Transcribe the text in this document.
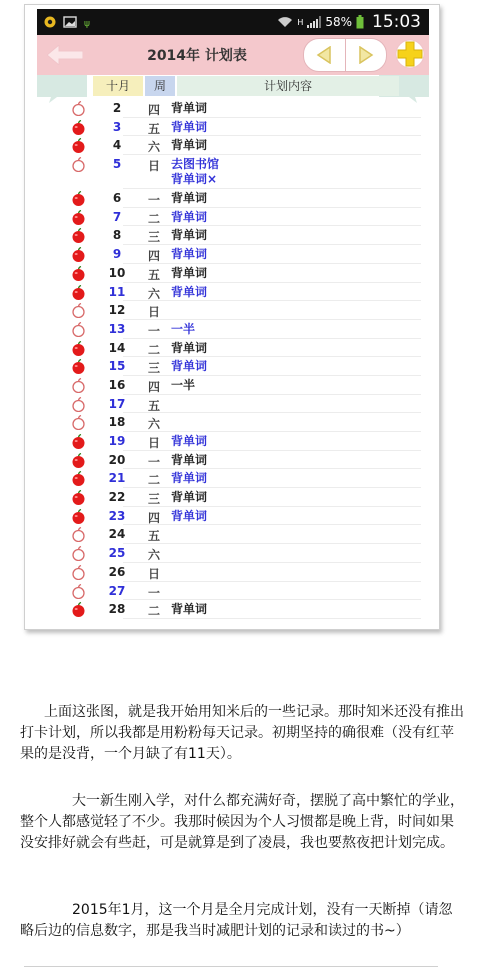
ψ	H 58% 15:03
2014年 计划表
十月	周	计划内容
2	四 背单词
3	五 背单词
4	六 背单词
5	日 去图书馆
背单词×
6	一 背单词
7	二 背单词
8	三 背单词
9	四 背单词
10	五 背单词
11	六 背单词
12	日
13	一 一半
14	二 背单词
15	三 背单词
16	四 一半
17	五
18	六
19	日 背单词
20	一 背单词
21	二 背单词
22	三 背单词
23	四 背单词
24	五
25	六
26	日
27	一
28	二 背单词

上面这张图，就是我开始用知米后的一些记录。那时知米还没有推出打卡计划，所以我都是用粉粉每天记录。初期坚持的确很难（没有红苹果的是没背，一个月缺了有11天）。

大一新生刚入学，对什么都充满好奇，摆脱了高中繁忙的学业，整个人都感觉轻了不少。我那时候因为个人习惯都是晚上背，时间如果没安排好就会有些赶，可是就算是到了凌晨，我也要熬夜把计划完成。

2015年1月，这一个月是全月完成计划，没有一天断掉（请忽略后边的信息数字，那是我当时减肥计划的记录和读过的书~）
